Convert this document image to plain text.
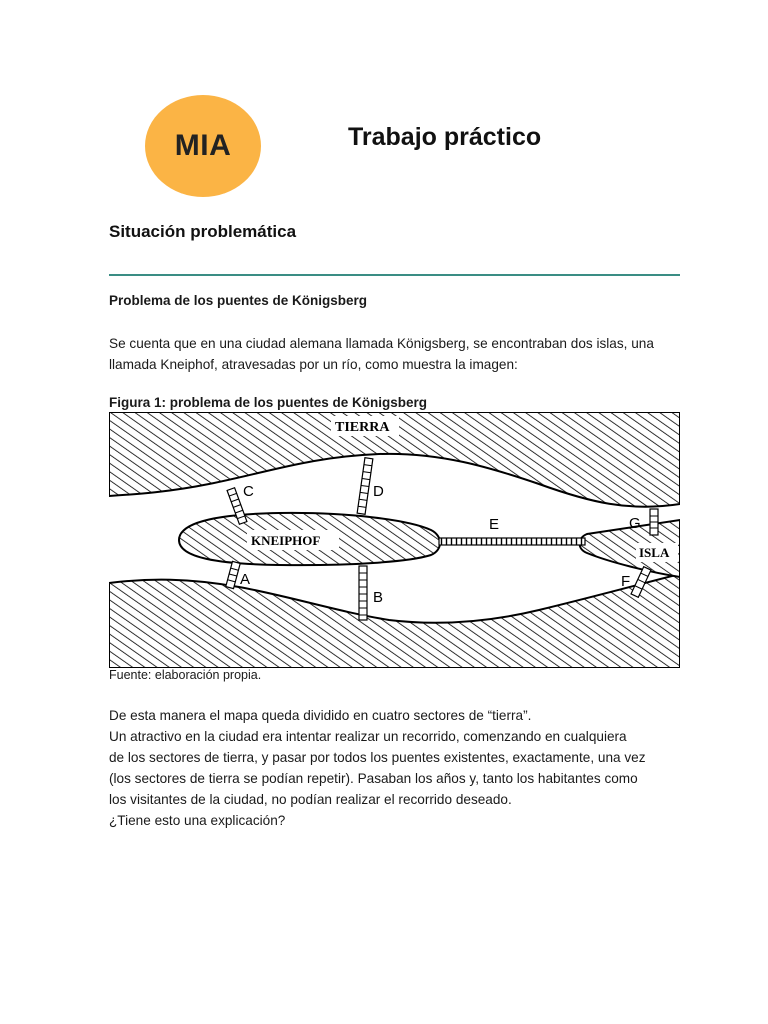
MIA	Trabajo práctico
Situación problemática
Problema de los puentes de Königsberg

Se cuenta que en una ciudad alemana llamada Königsberg, se encontraban dos islas, una llamada Kneiphof, atravesadas por un río, como muestra la imagen:

Figura 1: problema de los puentes de Königsberg

TIERRA
KNEIPHOF
ISLA
A
B
C	D
E
F
G

Fuente: elaboración propia.

De esta manera el mapa queda dividido en cuatro sectores de “tierra”.
Un atractivo en la ciudad era intentar realizar un recorrido, comenzando en cualquiera
de los sectores de tierra, y pasar por todos los puentes existentes, exactamente, una vez
(los sectores de tierra se podían repetir). Pasaban los años y, tanto los habitantes como
los visitantes de la ciudad, no podían realizar el recorrido deseado.
¿Tiene esto una explicación?
